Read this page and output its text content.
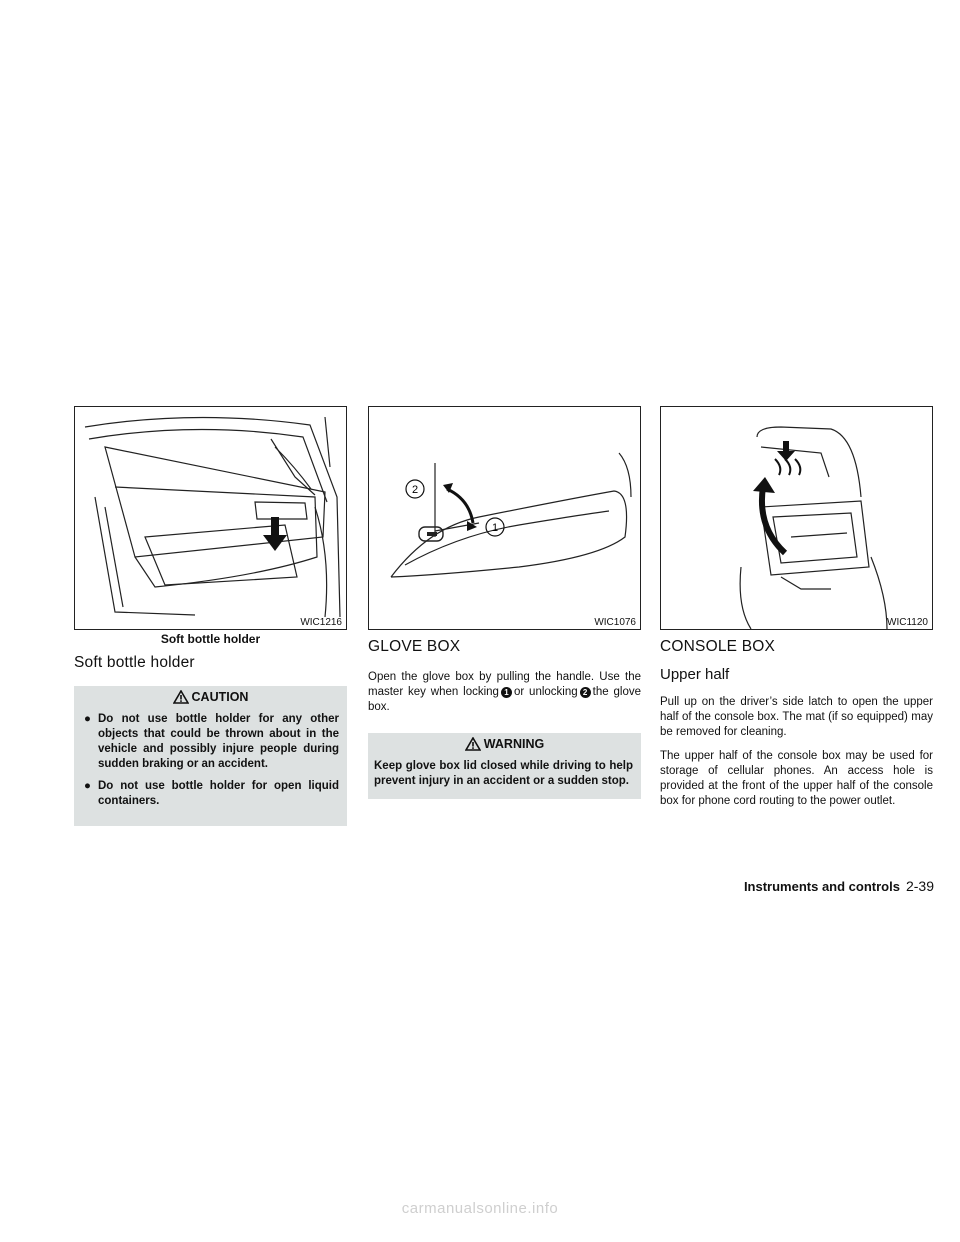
WIC1216
Soft bottle holder
Soft bottle holder
CAUTION
● Do not use bottle holder for any other objects that could be thrown about in the vehicle and possibly injure people during sudden braking or an accident.
● Do not use bottle holder for open liquid containers.
2
1
WIC1076
GLOVE BOX

Open the glove box by pulling the handle. Use the master key when locking 1 or unlocking 2 the glove box.

WARNING
Keep glove box lid closed while driving to help prevent injury in an accident or a sudden stop.
WIC1120
CONSOLE BOX
Upper half

Pull up on the driver’s side latch to open the upper half of the console box. The mat (if so equipped) may be removed for cleaning.

The upper half of the console box may be used for storage of cellular phones. An access hole is provided at the front of the upper half of the console box for phone cord routing to the power outlet.

Instruments and controls 2-39
carmanualsonline.info
